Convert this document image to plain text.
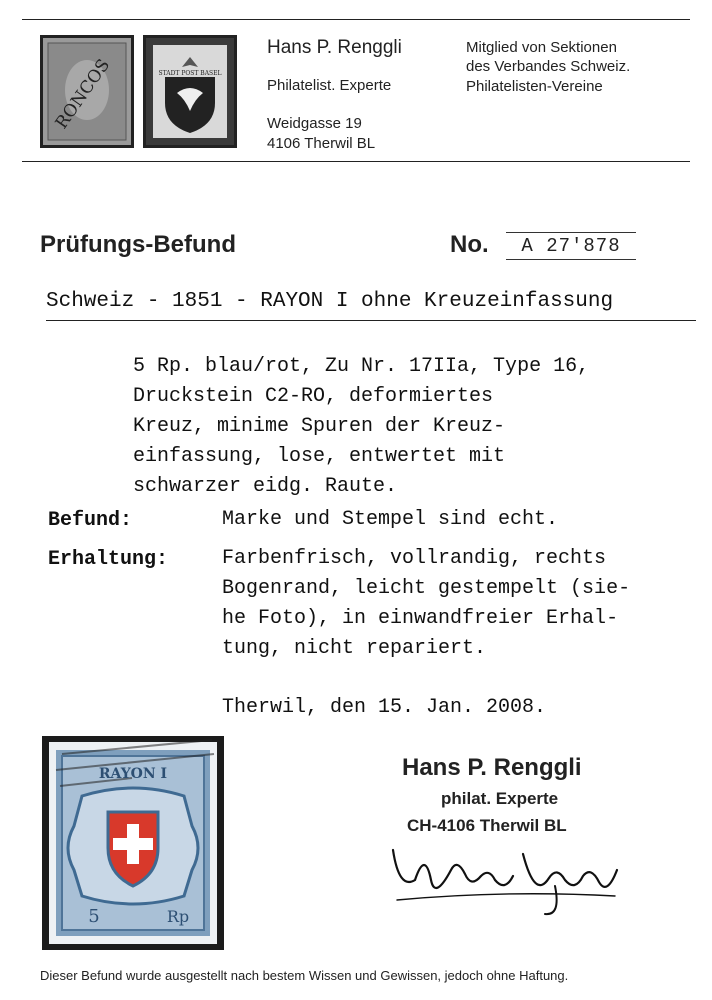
RONCOS	STADT POST BASEL
Hans P. Renggli
Philatelist. Experte
Weidgasse 19
4106 Therwil BL
Mitglied von Sektionen
des Verbandes Schweiz.
Philatelisten-Vereine
Prüfungs-Befund	No.	A 27'878
Schweiz - 1851 - RAYON I ohne Kreuzeinfassung
5 Rp. blau/rot, Zu Nr. 17IIa, Type 16,
Druckstein C2-RO, deformiertes
Kreuz, minime Spuren der Kreuz-
einfassung, lose, entwertet mit
schwarzer eidg. Raute.
Befund:	Marke und Stempel sind echt.
Erhaltung:	Farbenfrisch, vollrandig, rechts
Bogenrand, leicht gestempelt (sie-
he Foto), in einwandfreier Erhal-
tung, nicht repariert.
Therwil, den 15. Jan. 2008.
RAYON I
5	Rp
Hans P. Renggli
philat. Experte
CH-4106 Therwil BL
Dieser Befund wurde ausgestellt nach bestem Wissen und Gewissen, jedoch ohne Haftung.
